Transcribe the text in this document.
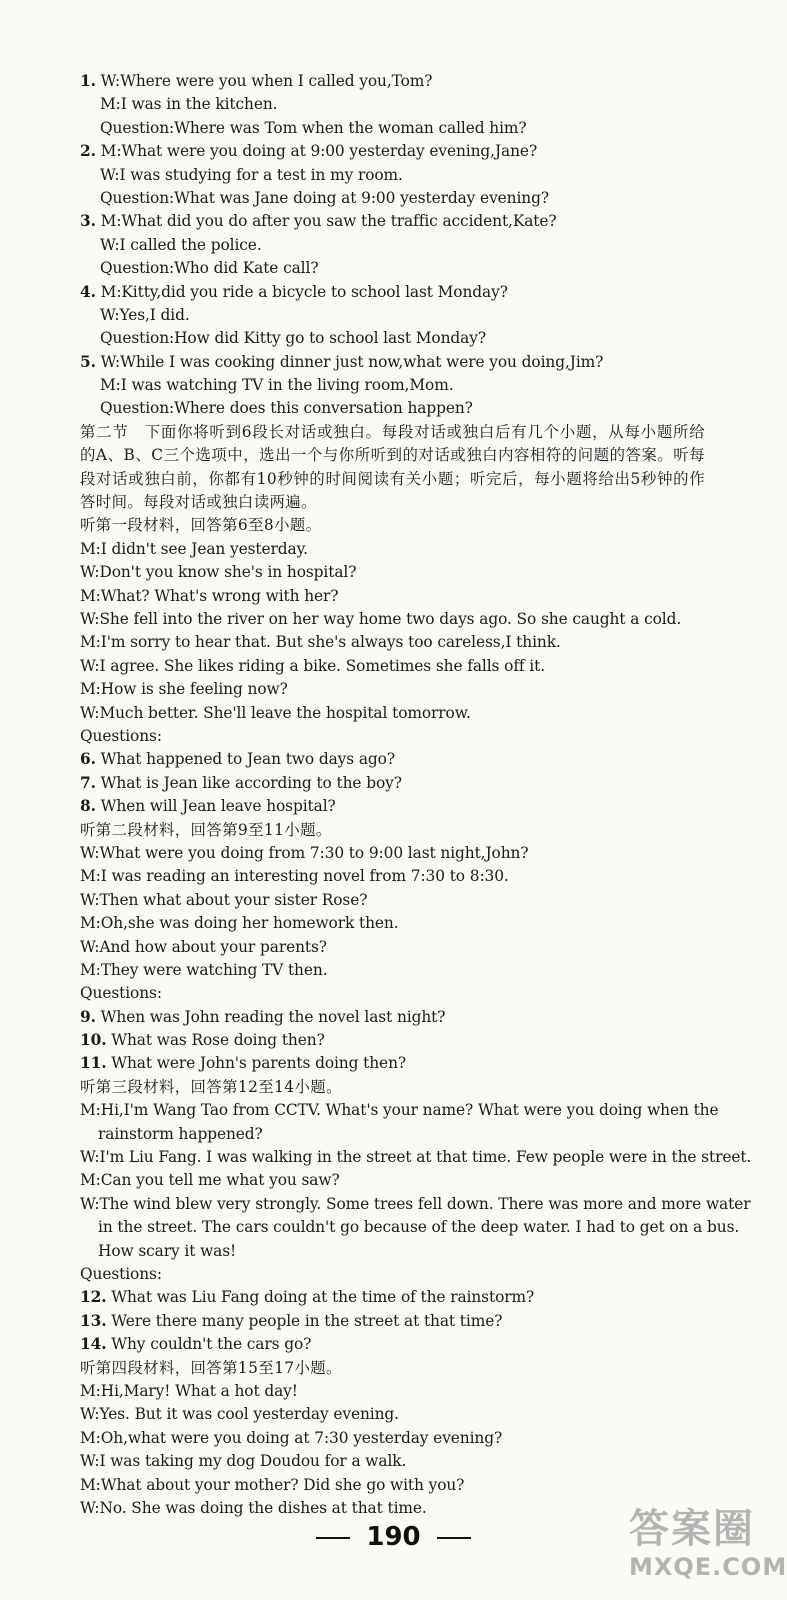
1. W:Where were you when I called you,Tom?
M:I was in the kitchen.
Question:Where was Tom when the woman called him?
2. M:What were you doing at 9:00 yesterday evening,Jane?
W:I was studying for a test in my room.
Question:What was Jane doing at 9:00 yesterday evening?
3. M:What did you do after you saw the traffic accident,Kate?
W:I called the police.
Question:Who did Kate call?
4. M:Kitty,did you ride a bicycle to school last Monday?
W:Yes,I did.
Question:How did Kitty go to school last Monday?
5. W:While I was cooking dinner just now,what were you doing,Jim?
M:I was watching TV in the living room,Mom.
Question:Where does this conversation happen?
第二节　下面你将听到6段长对话或独白。每段对话或独白后有几个小题，从每小题所给的A、B、C三个选项中，选出一个与你所听到的对话或独白内容相符的问题的答案。听每段对话或独白前，你都有10秒钟的时间阅读有关小题；听完后，每小题将给出5秒钟的作答时间。每段对话或独白读两遍。
听第一段材料，回答第6至8小题。
M:I didn't see Jean yesterday.
W:Don't you know she's in hospital?
M:What? What's wrong with her?
W:She fell into the river on her way home two days ago. So she caught a cold.
M:I'm sorry to hear that. But she's always too careless,I think.
W:I agree. She likes riding a bike. Sometimes she falls off it.
M:How is she feeling now?
W:Much better. She'll leave the hospital tomorrow.
Questions:
6. What happened to Jean two days ago?
7. What is Jean like according to the boy?
8. When will Jean leave hospital?
听第二段材料，回答第9至11小题。
W:What were you doing from 7:30 to 9:00 last night,John?
M:I was reading an interesting novel from 7:30 to 8:30.
W:Then what about your sister Rose?
M:Oh,she was doing her homework then.
W:And how about your parents?
M:They were watching TV then.
Questions:
9. When was John reading the novel last night?
10. What was Rose doing then?
11. What were John's parents doing then?
听第三段材料，回答第12至14小题。
M:Hi,I'm Wang Tao from CCTV. What's your name? What were you doing when the
rainstorm happened?
W:I'm Liu Fang. I was walking in the street at that time. Few people were in the street.
M:Can you tell me what you saw?
W:The wind blew very strongly. Some trees fell down. There was more and more water
in the street. The cars couldn't go because of the deep water. I had to get on a bus.
How scary it was!
Questions:
12. What was Liu Fang doing at the time of the rainstorm?
13. Were there many people in the street at that time?
14. Why couldn't the cars go?
听第四段材料，回答第15至17小题。
M:Hi,Mary! What a hot day!
W:Yes. But it was cool yesterday evening.
M:Oh,what were you doing at 7:30 yesterday evening?
W:I was taking my dog Doudou for a walk.
M:What about your mother? Did she go with you?
W:No. She was doing the dishes at that time.
190	答案圈
MXQE.COM
